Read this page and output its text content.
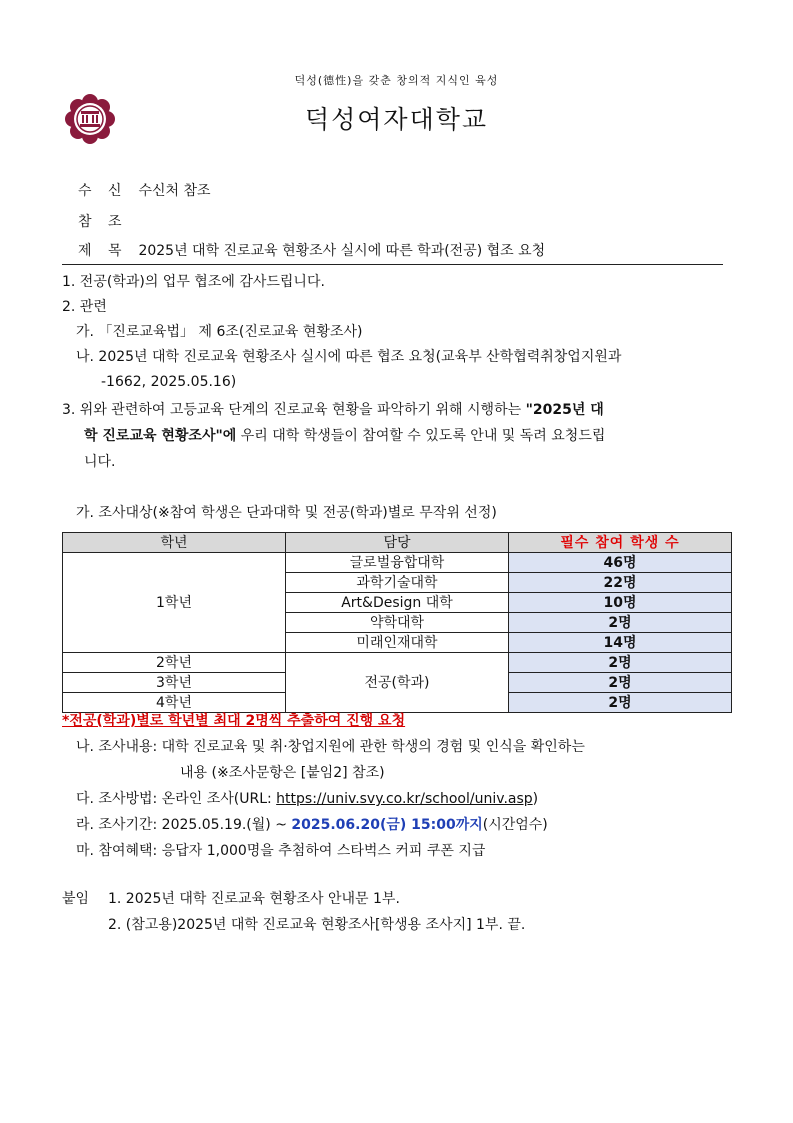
덕성(德性)을 갖춘 창의적 지식인 육성
덕성여자대학교
수 신 수신처 참조
참 조
제 목 2025년 대학 진로교육 현황조사 실시에 따른 학과(전공) 협조 요청
1. 전공(학과)의 업무 협조에 감사드립니다.
2. 관련
가. 「진로교육법」 제 6조(진로교육 현황조사)
나. 2025년 대학 진로교육 현황조사 실시에 따른 협조 요청(교육부 산학협력취창업지원과
-1662, 2025.05.16)
3. 위와 관련하여 고등교육 단계의 진로교육 현황을 파악하기 위해 시행하는 "2025년 대
학 진로교육 현황조사"에 우리 대학 학생들이 참여할 수 있도록 안내 및 독려 요청드립
니다.
가. 조사대상(※참여 학생은 단과대학 및 전공(학과)별로 무작위 선정)
학년	담당	필수 참여 학생 수
1학년	글로벌융합대학	46명
	과학기술대학	22명
	Art&Design 대학	10명
	약학대학	2명
	미래인재대학	14명
2학년	전공(학과)	2명
3학년		2명
4학년		2명
*전공(학과)별로 학년별 최대 2명씩 추출하여 진행 요청
나. 조사내용: 대학 진로교육 및 취·창업지원에 관한 학생의 경험 및 인식을 확인하는
내용 (※조사문항은 [붙임2] 참조)
다. 조사방법: 온라인 조사(URL: https://univ.svy.co.kr/school/univ.asp)
라. 조사기간: 2025.05.19.(월) ~ 2025.06.20(금) 15:00까지(시간엄수)
마. 참여혜택: 응답자 1,000명을 추첨하여 스타벅스 커피 쿠폰 지급
붙임 1. 2025년 대학 진로교육 현황조사 안내문 1부.
2. (참고용)2025년 대학 진로교육 현황조사[학생용 조사지] 1부. 끝.
